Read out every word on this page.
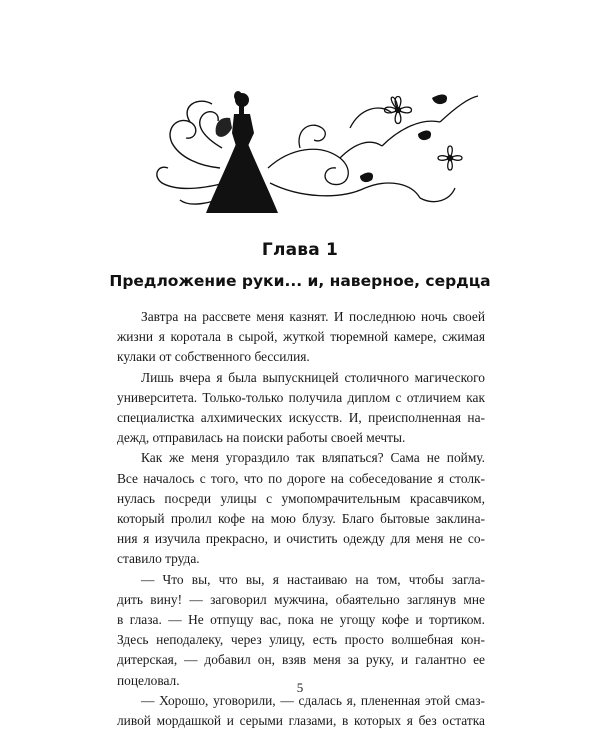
Глава 1
Предложение руки... и, наверное, сердца
Завтра на рассвете меня казнят. И последнюю ночь своей
жизни я коротала в сырой, жуткой тюремной камере, сжимая
кулаки от собственного бессилия.
Лишь вчера я была выпускницей столичного магического
университета. Только-только получила диплом с отличием как
специалистка алхимических искусств. И, преисполненная на-
дежд, отправилась на поиски работы своей мечты.
Как же меня угораздило так вляпаться? Сама не пойму.
Все началось с того, что по дороге на собеседование я столк-
нулась посреди улицы с умопомрачительным красавчиком,
который пролил кофе на мою блузу. Благо бытовые заклина-
ния я изучила прекрасно, и очистить одежду для меня не со-
ставило труда.
— Что вы, что вы, я настаиваю на том, чтобы загла-
дить вину! — заговорил мужчина, обаятельно заглянув мне
в глаза. — Не отпущу вас, пока не угощу кофе и тортиком.
Здесь неподалеку, через улицу, есть просто волшебная кон-
дитерская, — добавил он, взяв меня за руку, и галантно ее
поцеловал.
— Хорошо, уговорили, — сдалась я, плененная этой смаз-
ливой мордашкой и серыми глазами, в которых я без остатка
5
